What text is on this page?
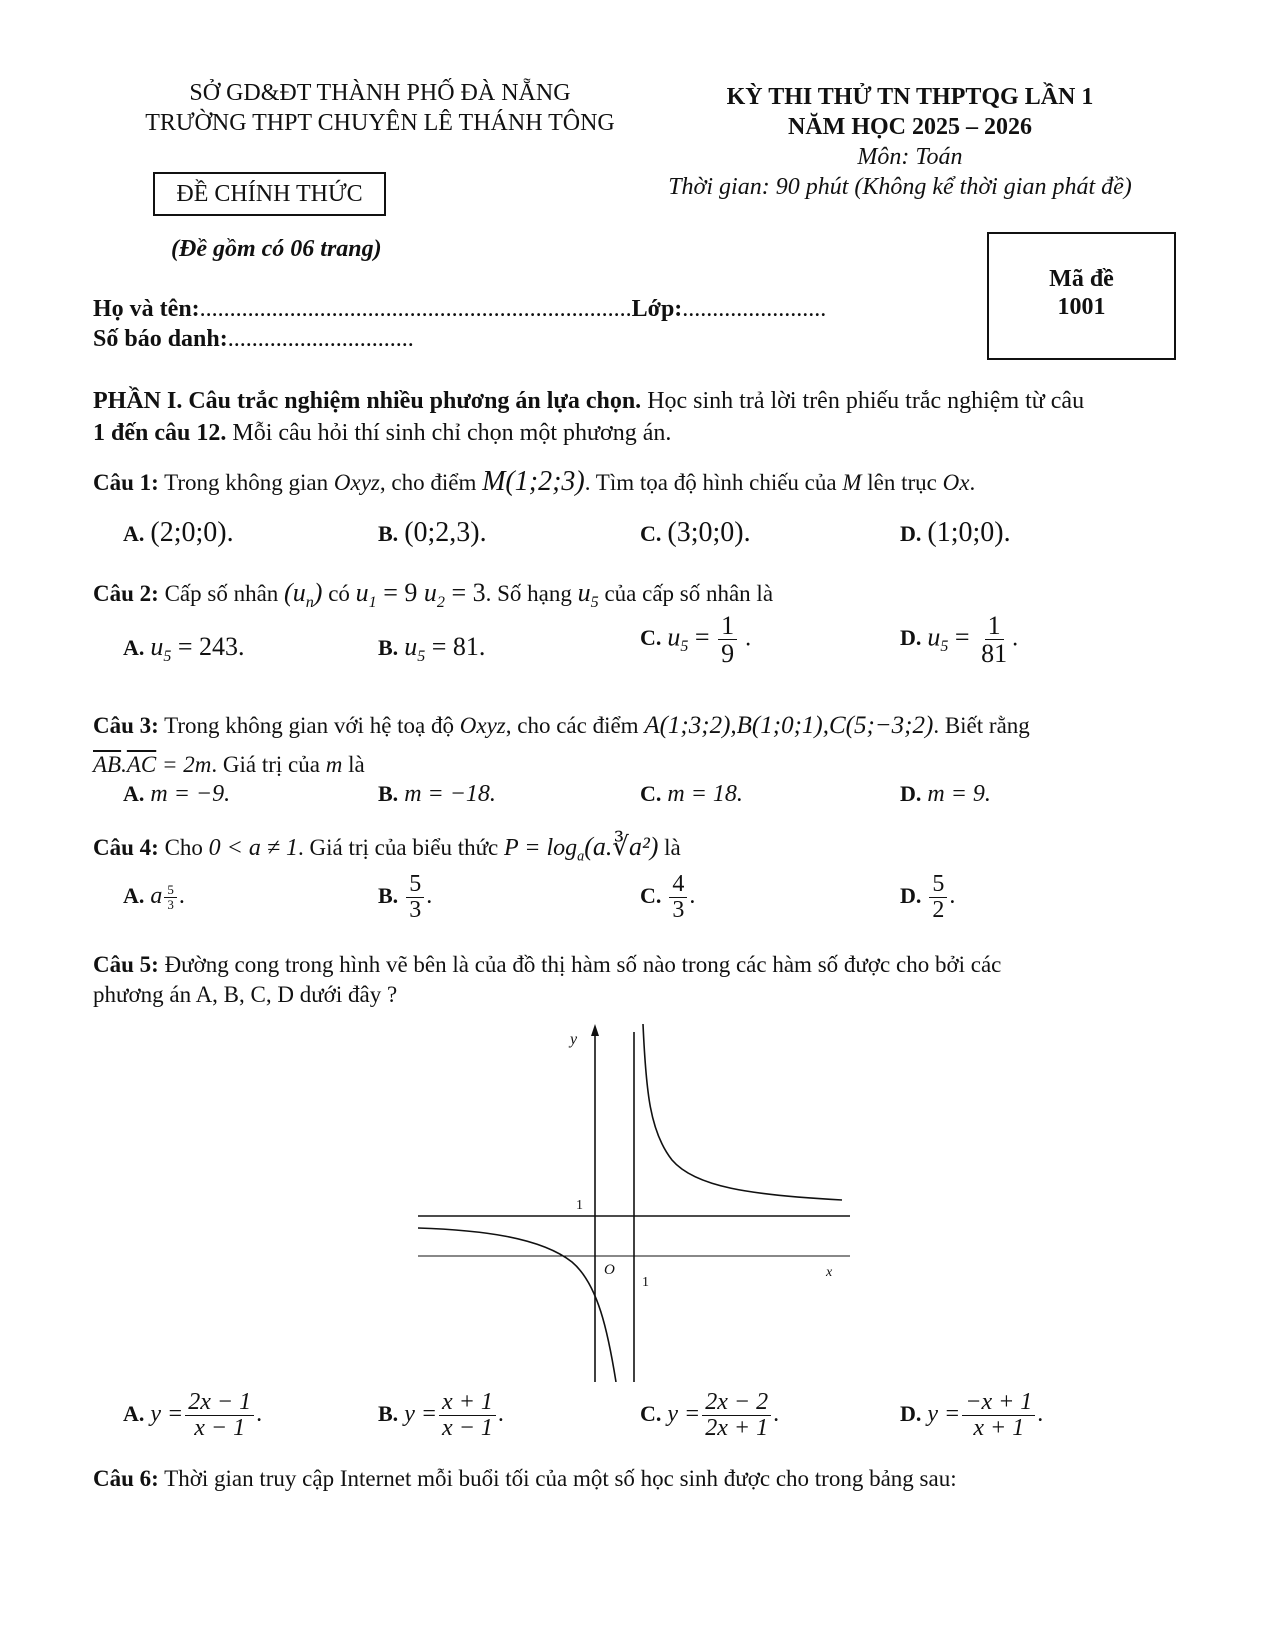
SỞ GD&ĐT THÀNH PHỐ ĐÀ NẴNG
TRƯỜNG THPT CHUYÊN LÊ THÁNH TÔNG
KỲ THI THỬ TN THPTQG LẦN 1
NĂM HỌC 2025 – 2026
Môn: Toán
Thời gian: 90 phút (Không kể thời gian phát đề)
ĐỀ CHÍNH THỨC
(Đề gồm có 06 trang)
Mã đề
1001
Họ và tên:........................................................................Lớp:........................
Số báo danh:...............................
PHẦN I. Câu trắc nghiệm nhiều phương án lựa chọn. Học sinh trả lời trên phiếu trắc nghiệm từ câu
1 đến câu 12. Mỗi câu hỏi thí sinh chỉ chọn một phương án.
Câu 1: Trong không gian Oxyz, cho điểm M(1;2;3). Tìm tọa độ hình chiếu của M lên trục Ox.
A. (2;0;0).	B. (0;2,3).	C. (3;0;0).	D. (1;0;0).
Câu 2: Cấp số nhân $(u_n)$ có $u_1 = 9$ $u_2 = 3$. Số hạng $u_5$ của cấp số nhân là
A. $u_5 = 243$.	B. $u_5 = 81$.	C. $u_5 = \frac{1}{9}$ .	D. $u_5 = \frac{1}{81}$ .
Câu 3: Trong không gian với hệ toạ độ Oxyz, cho các điểm A(1;3;2),B(1;0;1),C(5;−3;2). Biết rằng
$\overline{AB}.\overline{AC} = 2m$. Giá trị của m là
A. m = −9.	B. m = −18.	C. m = 18.	D. m = 9.
Câu 4: Cho 0 < a ≠ 1. Giá trị của biểu thức $P = \log_a(a.∛a^2)$ là
A. a $^{\frac{5}{3}}$ .	B. $\frac{5}{3}$ .	C. $\frac{4}{3}$ .	D. $\frac{5}{2}$ .
Câu 5: Đường cong trong hình vẽ bên là của đồ thị hàm số nào trong các hàm số được cho bởi các
phương án A, B, C, D dưới đây ?
y
x
O
1
1
A. $y = \frac{2x - 1}{x - 1}$ .	B. $y = \frac{x + 1}{x - 1}$ .	C. $y = \frac{2x - 2}{2x + 1}$ .	D. $y = \frac{-x + 1}{x + 1}$ .
Câu 6: Thời gian truy cập Internet mỗi buổi tối của một số học sinh được cho trong bảng sau:
